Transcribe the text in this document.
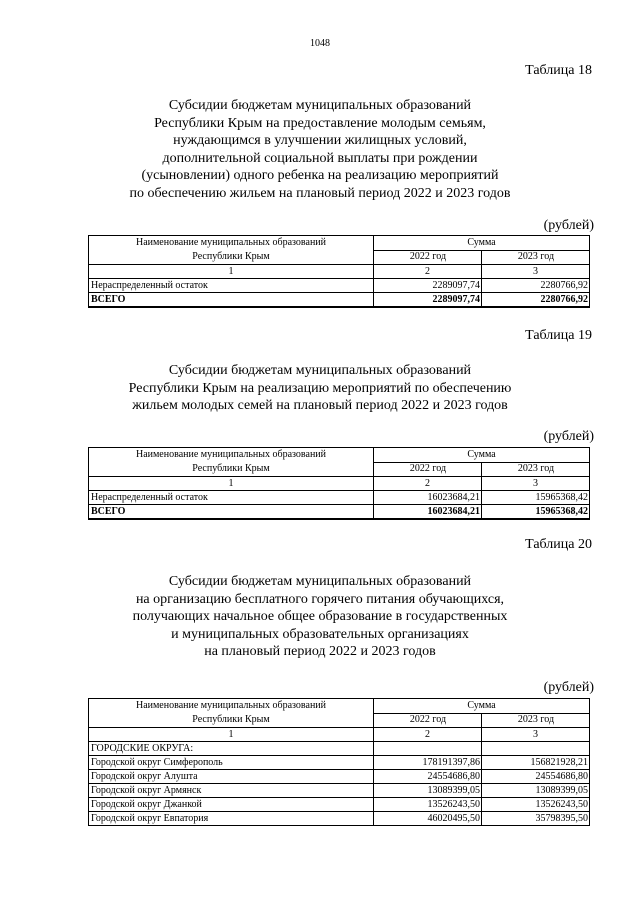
1048
Таблица 18
Субсидии бюджетам муниципальных образований
Республики Крым на предоставление молодым семьям,
нуждающимся в улучшении жилищных условий,
дополнительной социальной выплаты при рождении
(усыновлении) одного ребенка на реализацию мероприятий
по обеспечению жильем на плановый период 2022 и 2023 годов
(рублей)
Наименование муниципальных образований
Республики Крым	Сумма	
	2022 год	2023 год
1	2	3
Нераспределенный остаток	2289097,74	2280766,92
ВСЕГО	2289097,74	2280766,92
Таблица 19
Субсидии бюджетам муниципальных образований
Республики Крым на реализацию мероприятий по обеспечению
жильем молодых семей на плановый период 2022 и 2023 годов
(рублей)
Наименование муниципальных образований
Республики Крым	Сумма	
	2022 год	2023 год
1	2	3
Нераспределенный остаток	16023684,21	15965368,42
ВСЕГО	16023684,21	15965368,42
Таблица 20
Субсидии бюджетам муниципальных образований
на организацию бесплатного горячего питания обучающихся,
получающих начальное общее образование в государственных
и муниципальных образовательных организациях
на плановый период 2022 и 2023 годов
(рублей)
Наименование муниципальных образований
Республики Крым	Сумма	
	2022 год	2023 год
1	2	3
ГОРОДСКИЕ ОКРУГА:		
Городской округ Симферополь	178191397,86	156821928,21
Городской округ Алушта	24554686,80	24554686,80
Городской округ Армянск	13089399,05	13089399,05
Городской округ Джанкой	13526243,50	13526243,50
Городской округ Евпатория	46020495,50	35798395,50
